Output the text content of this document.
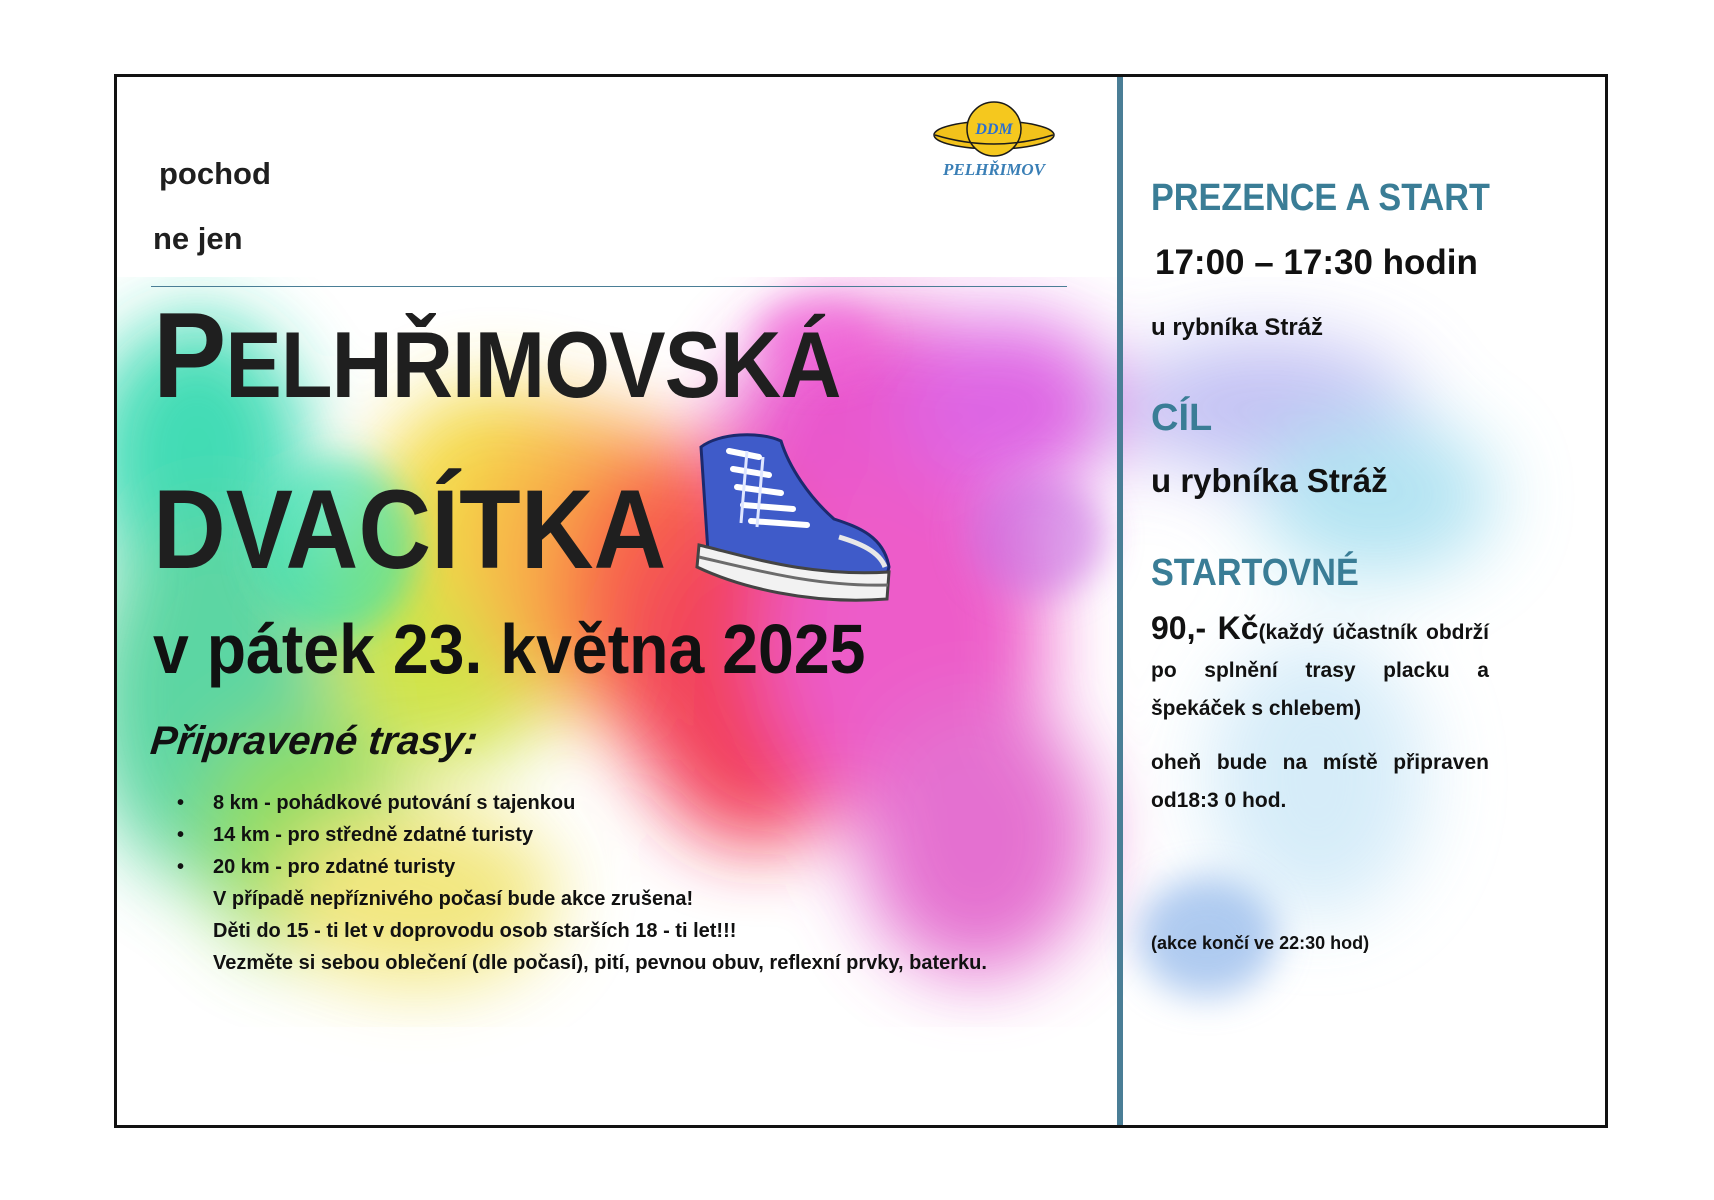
pochod
ne jen
DDM
PELHŘIMOV
PELHŘIMOVSKÁ
DVACÍTKA
v pátek 23. května 2025
Připravené trasy:
• 8 km - pohádkové putování s tajenkou
• 14 km - pro středně zdatné turisty
• 20 km - pro zdatné turisty
V případě nepříznivého počasí bude akce zrušena!
Děti do 15 - ti let v doprovodu osob starších 18 - ti let!!!
Vezměte si sebou oblečení (dle počasí), pití, pevnou obuv, reflexní prvky, baterku.
PREZENCE A START
17:00 – 17:30 hodin
u rybníka Stráž
CÍL
u rybníka Stráž
STARTOVNÉ
90,- Kč(každý účastník obdrží po splnění trasy placku a špekáček s chlebem)
oheň bude na místě připraven od18:3 0 hod.
(akce končí ve 22:30 hod)
